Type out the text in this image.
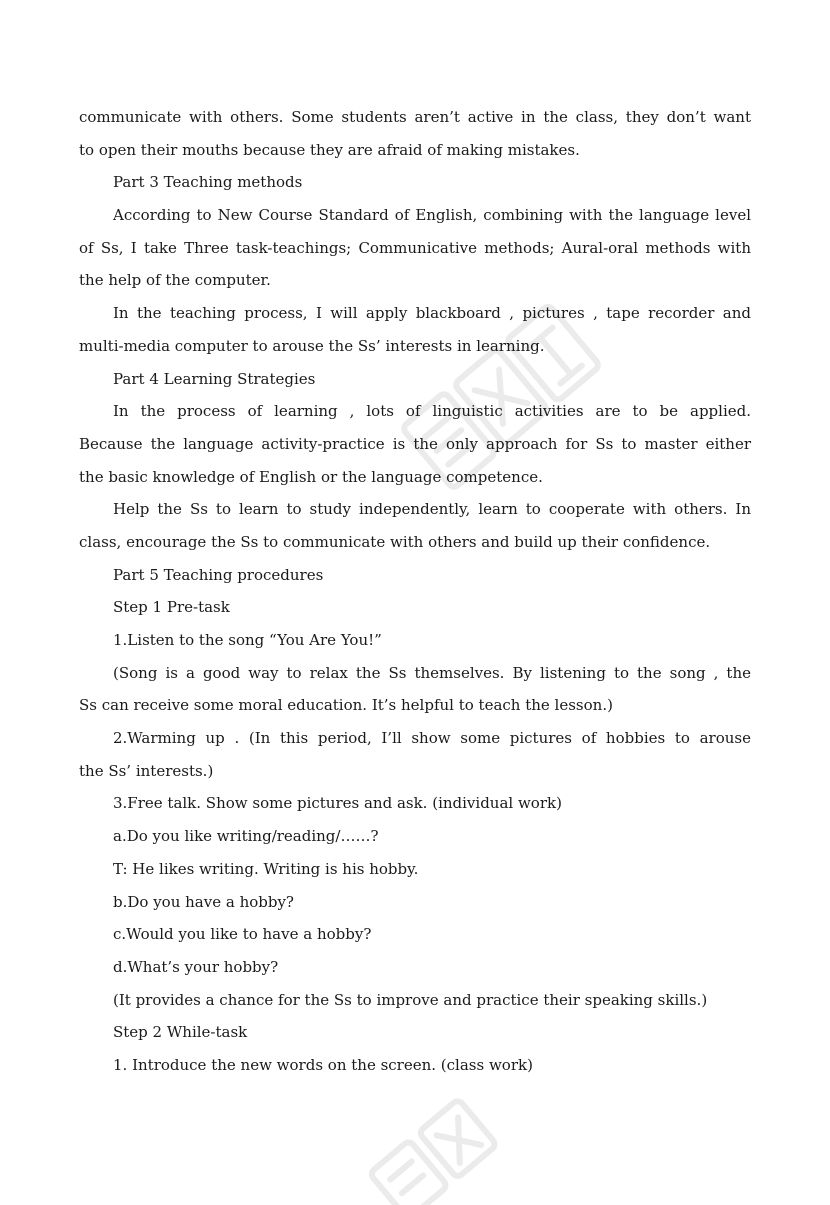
communicate with others. Some students aren’t active in the class, they don’t want
to open their mouths because they are afraid of making mistakes.
Part 3 Teaching methods
According to New Course Standard of English, combining with the language level
of Ss, I take Three task-teachings; Communicative methods; Aural-oral methods with
the help of the computer.
In the teaching process, I will apply blackboard , pictures , tape recorder and
multi-media computer to arouse the Ss’ interests in learning.
Part 4 Learning Strategies
In the process of learning , lots of linguistic activities are to be applied.
Because the language activity-practice is the only approach for Ss to master either
the basic knowledge of English or the language competence.
Help the Ss to learn to study independently, learn to cooperate with others. In
class, encourage the Ss to communicate with others and build up their confidence.
Part 5 Teaching procedures
Step 1 Pre-task
1.Listen to the song “You Are You!”
(Song is a good way to relax the Ss themselves. By listening to the song , the
Ss can receive some moral education. It’s helpful to teach the lesson.)
2.Warming up . (In this period, I’ll show some pictures of hobbies to arouse
the Ss’ interests.)
3.Free talk. Show some pictures and ask. (individual work)
a.Do you like writing/reading/……?
T: He likes writing. Writing is his hobby.
b.Do you have a hobby?
c.Would you like to have a hobby?
d.What’s your hobby?
(It provides a chance for the Ss to improve and practice their speaking skills.)
Step 2 While-task
1. Introduce the new words on the screen. (class work)
